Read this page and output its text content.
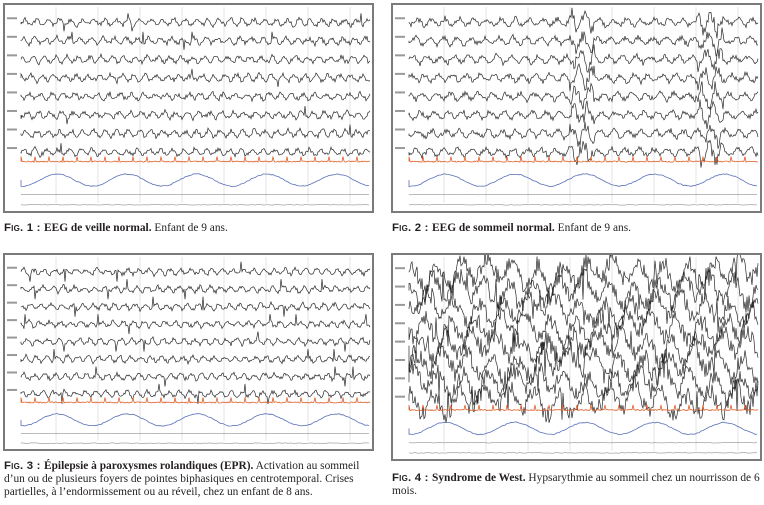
Fig. 1 : EEG de veille normal. Enfant de 9 ans.	Fig. 2 : EEG de sommeil normal. Enfant de 9 ans.
Fig. 3 : Épilepsie à paroxysmes rolandiques (EPR). Activation au sommeil d’un ou de plusieurs foyers de pointes biphasiques en centrotemporal. Crises partielles, à l’endormissement ou au réveil, chez un enfant de 8 ans.
Fig. 4 : Syndrome de West. Hypsarythmie au sommeil chez un nourrisson de 6 mois.
